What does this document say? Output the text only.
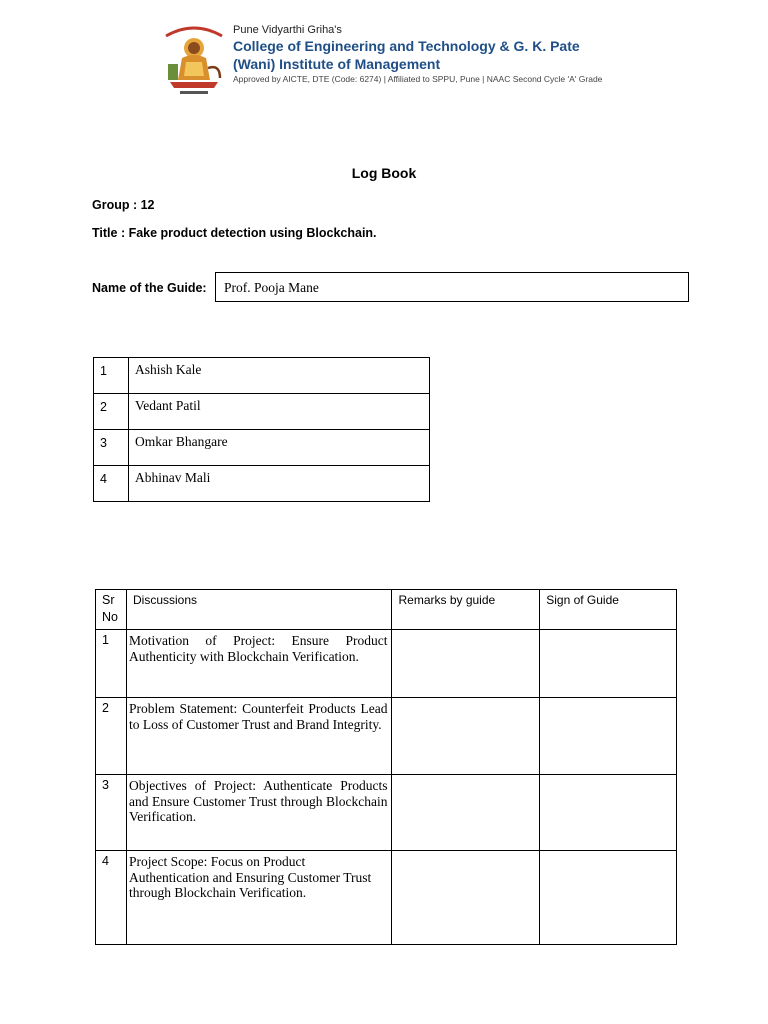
Pune Vidyarthi Griha's
College of Engineering and Technology & G. K. Pate
(Wani) Institute of Management
Approved by AICTE, DTE (Code: 6274) | Affiliated to SPPU, Pune | NAAC Second Cycle 'A' Grade
Log Book
Group : 12
Title : Fake product detection using Blockchain.
Name of the Guide:	Prof. Pooja Mane
1	Ashish Kale
2	Vedant Patil
3	Omkar Bhangare
4	Abhinav Mali
Sr No	Discussions	Remarks by guide	Sign of Guide
1	Motivation of Project: Ensure Product Authenticity with Blockchain Verification.		
2	Problem Statement: Counterfeit Products Lead to Loss of Customer Trust and Brand Integrity.		
3	Objectives of Project: Authenticate Products and Ensure Customer Trust through Blockchain Verification.		
4	Project Scope: Focus on Product Authentication and Ensuring Customer Trust through Blockchain Verification.		
